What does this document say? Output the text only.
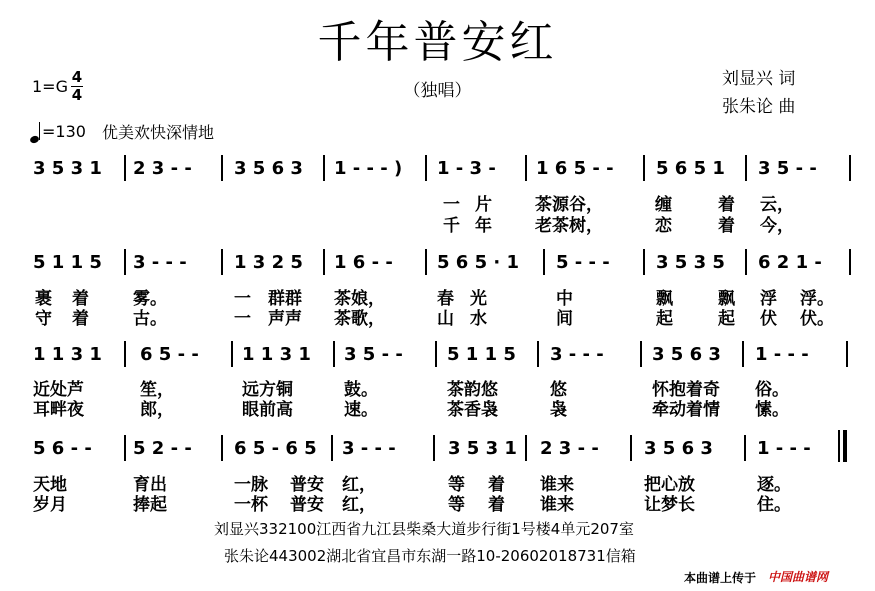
千年普安红
（独唱）
刘显兴 词
张朱论 曲
$1=G \frac{4}{4}$
=130 优美欢快深情地
3 5 3 1 2 3 - - 3 5 6 3 1 - - - ) 1 - 3 - 1 6 5 - - 5 6 5 1 3 5 - -
一 片	茶源谷，	缠	着 云，
千 年	老茶树，	恋	着 今，
5 1 1 5 3 - - -	1 3 2 5 1 6 - - 5 6 5 · 1 5 - - -	3 5 3 5 6 2 1 -
裹 着	雾。	一 群群 茶娘，	春 光	中	飘	飘 浮 浮。
守 着	古。	一 声声 茶歌，	山 水	间	起	起 伏 伏。
1 1 3 1 6 5 - - 1 1 3 1 3 5 - - 5 1 1 5 3 - - -	3 5 6 3 1 - - -
近处芦	笙，	远方铜	鼓。	茶韵悠	悠	怀抱着奇 俗。
耳畔夜	郎，	眼前高	速。	茶香袅	袅	牵动着情 愫。
5 6 - - 5 2 - - 6 5 - 6 5 3 - - -	3 5 3 1 2 3 - -	3 5 6 3 1 - - -
天地	育出	一脉 普安 红，	等 着 谁来	把心放	逐。
岁月	捧起	一杯 普安 红，	等 着 谁来	让梦长	住。
刘显兴332100江西省九江县柴桑大道步行街1号楼4单元207室
张朱论443002湖北省宜昌市东湖一路10-20602018731信箱
本曲谱上传于 中国曲谱网
